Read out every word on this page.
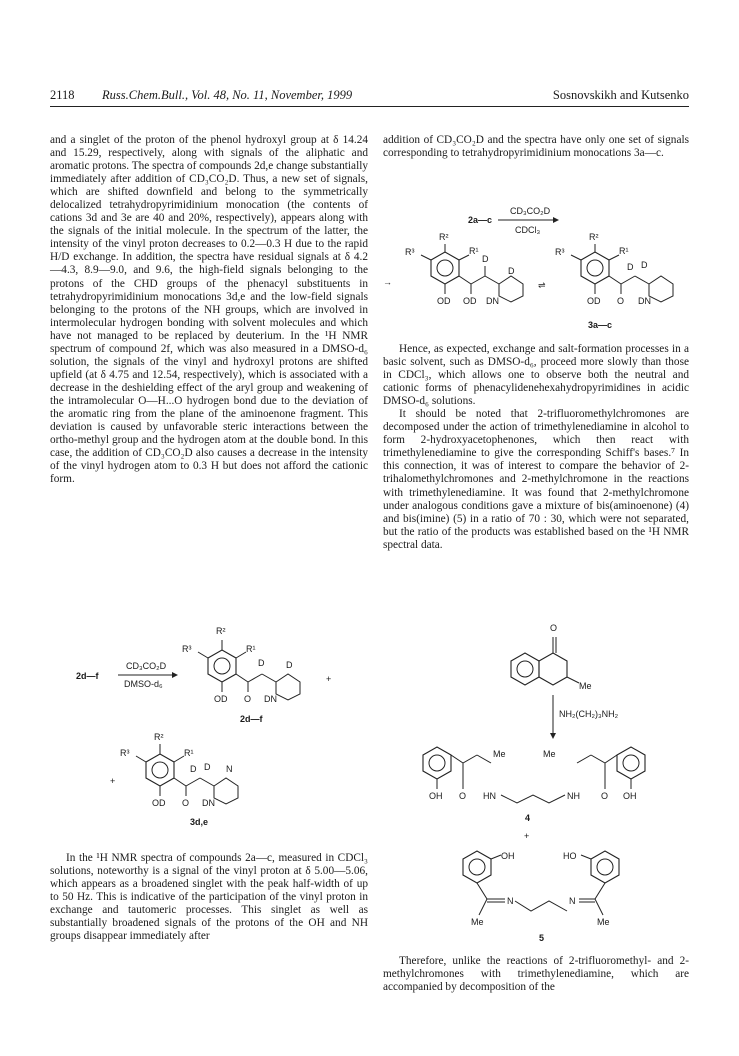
2118 Russ.Chem.Bull., Vol. 48, No. 11, November, 1999	Sosnovskikh and Kutsenko

and a singlet of the proton of the phenol hydroxyl group at δ 14.24 and 15.29, respectively, along with signals of the aliphatic and aromatic protons. The spectra of compounds 2d,e change substantially immediately after addition of CD₃CO₂D. Thus, a new set of signals, which are shifted downfield and belong to the symmetrically delocalized tetrahydropyrimidinium monocation (the contents of cations 3d and 3e are 40 and 20%, respectively), appears along with the signals of the initial molecule. In the spectrum of the latter, the intensity of the vinyl proton decreases to 0.2—0.3 H due to the rapid H/D exchange. In addition, the spectra have residual signals at δ 4.2—4.3, 8.9—9.0, and 9.6, the high-field signals belonging to the protons of the CHD groups of the phenacyl substituents in tetrahydropyrimidinium monocations 3d,e and the low-field signals belonging to the protons of the NH groups, which are involved in intermolecular hydrogen bonding with solvent molecules and which have not managed to be replaced by deuterium. In the ¹H NMR spectrum of compound 2f, which was also measured in a DMSO-d₆ solution, the signals of the vinyl and hydroxyl protons are shifted upfield (at δ 4.75 and 12.54, respectively), which is associated with a decrease in the deshielding effect of the aryl group and weakening of the intramolecular O—H...O hydrogen bond due to the deviation of the aromatic ring from the plane of the aminoenone fragment. This deviation is caused by unfavorable steric interactions between the ortho-methyl group and the hydrogen atom at the double bond. In this case, the addition of CD₃CO₂D also causes a decrease in the intensity of the vinyl hydrogen atom to 0.3 H but does not afford the cationic form.

In the ¹H NMR spectra of compounds 2a—c, measured in CDCl₃ solutions, noteworthy is a signal of the vinyl proton at δ 5.00—5.06, which appears as a broadened singlet with the peak half-width of up to 50 Hz. This is indicative of the participation of the vinyl proton in exchange and tautomeric processes. This singlet as well as substantially broadened signals of the protons of the OH and NH groups disappear immediately after

addition of CD₃CO₂D and the spectra have only one set of signals corresponding to tetrahydropyrimidinium monocations 3a—c.

Hence, as expected, exchange and salt-formation processes in a basic solvent, such as DMSO-d₆, proceed more slowly than those in CDCl₃, which allows one to observe both the neutral and cationic forms of phenacylidenehexahydropyrimidines in acidic DMSO-d₆ solutions.

It should be noted that 2-trifluoromethylchromones are decomposed under the action of trimethylenediamine in alcohol to form 2-hydroxyacetophenones, which then react with trimethylenediamine to give the corresponding Schiff's bases.⁷ In this connection, it was of interest to compare the behavior of 2-trihalomethylchromones and 2-methylchromone in the reactions with trimethylenediamine. It was found that 2-methylchromone under analogous conditions gave a mixture of bis(aminoenone) (4) and bis(imine) (5) in a ratio of 70 : 30, which were not separated, but the ratio of the products was established based on the ¹H NMR spectral data.

Therefore, unlike the reactions of 2-trifluoromethyl- and 2-methylchromones with trimethylenediamine, which are accompanied by decomposition of the

2a—c
CD₃CO₂D
CDCl₃
→
R²
R³	R¹
OD OD
D
D
DN
⇌
R²
R³	R¹
OD O
D D
DN
3a—c
2d—f
CD₃CO₂D
DMSO-d₆
R²
R³	R¹
OD O
D D
DN
+
2d—f
+
R²
R³	R¹
OD O
D D N
DN
3d,e
O
Me
NH₂(CH₂)₃NH₂
OH O
Me
HN
Me
NH O OH
4
+
OH
Me
N	N
Me
HO
5
